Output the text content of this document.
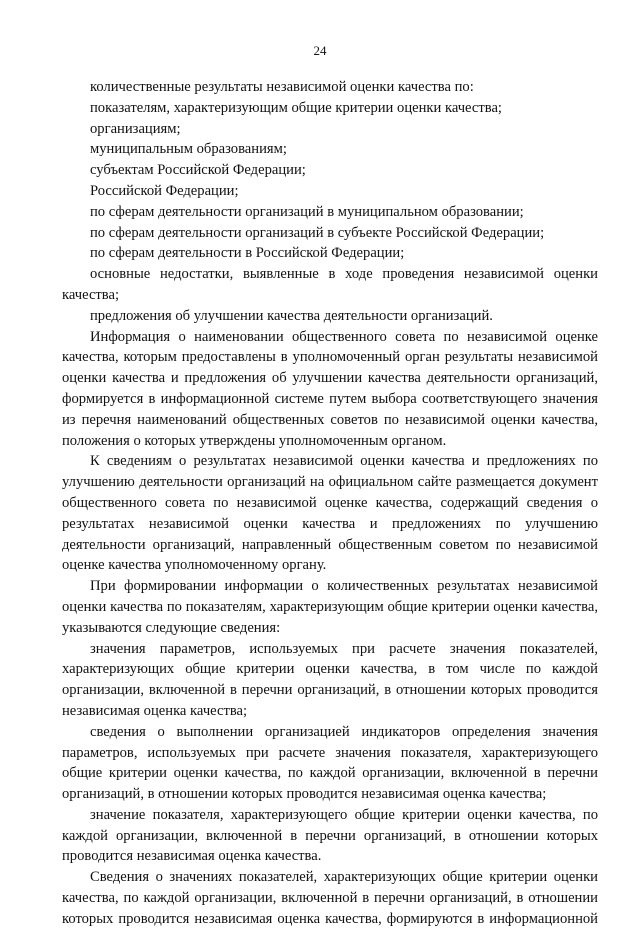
24
количественные результаты независимой оценки качества по:
показателям, характеризующим общие критерии оценки качества;
организациям;
муниципальным образованиям;
субъектам Российской Федерации;
Российской Федерации;
по сферам деятельности организаций в муниципальном образовании;
по сферам деятельности организаций в субъекте Российской Федерации;
по сферам деятельности в Российской Федерации;
основные недостатки, выявленные в ходе проведения независимой оценки
качества;
предложения об улучшении качества деятельности организаций.
Информация о наименовании общественного совета по независимой оценке
качества, которым предоставлены в уполномоченный орган результаты независимой
оценки качества и предложения об улучшении качества деятельности организаций,
формируется в информационной системе путем выбора соответствующего значения
из перечня наименований общественных советов по независимой оценки качества,
положения о которых утверждены уполномоченным органом.
К сведениям о результатах независимой оценки качества и предложениях по
улучшению деятельности организаций на официальном сайте размещается документ
общественного совета по независимой оценке качества, содержащий сведения о
результатах независимой оценки качества и предложениях по улучшению
деятельности организаций, направленный общественным советом по независимой
оценке качества уполномоченному органу.
При формировании информации о количественных результатах независимой
оценки качества по показателям, характеризующим общие критерии оценки качества,
указываются следующие сведения:
значения параметров, используемых при расчете значения показателей,
характеризующих общие критерии оценки качества, в том числе по каждой
организации, включенной в перечни организаций, в отношении которых проводится
независимая оценка качества;
сведения о выполнении организацией индикаторов определения значения
параметров, используемых при расчете значения показателя, характеризующего
общие критерии оценки качества, по каждой организации, включенной в перечни
организаций, в отношении которых проводится независимая оценка качества;
значение показателя, характеризующего общие критерии оценки качества, по
каждой организации, включенной в перечни организаций, в отношении которых
проводится независимая оценка качества.
Сведения о значениях показателей, характеризующих общие критерии оценки
качества, по каждой организации, включенной в перечни организаций, в отношении
которых проводится независимая оценка качества, формируются в информационной
